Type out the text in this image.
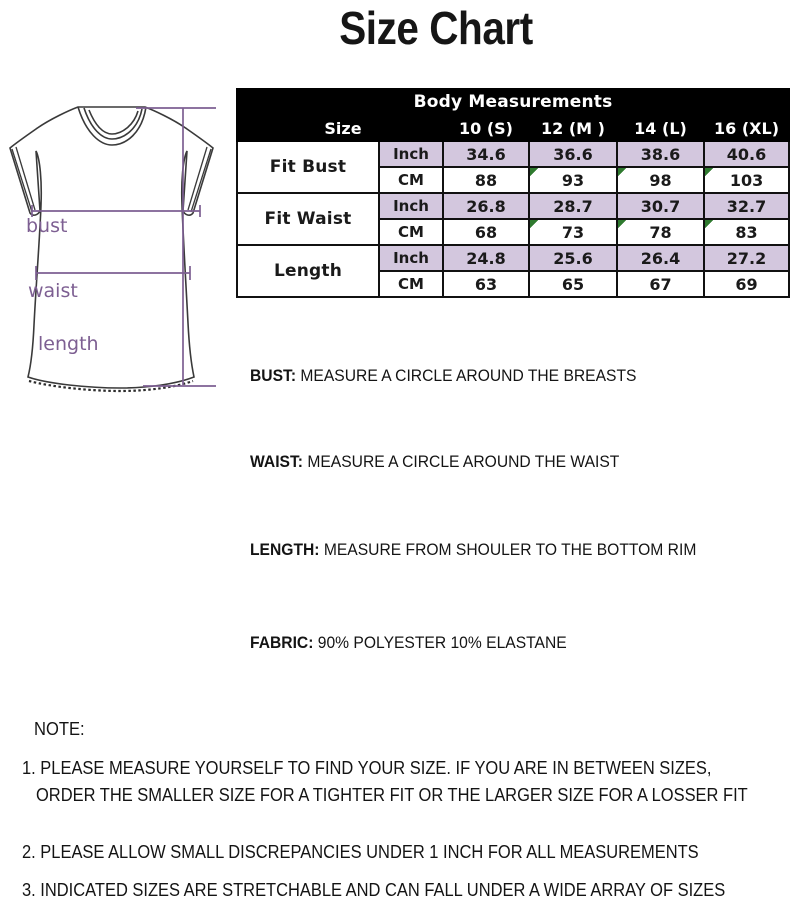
Size Chart
bust
waist
length
Body Measurements					
Size		10 (S)	12 (M )	14 (L)	16 (XL)
Fit Bust	Inch	34.6	36.6	38.6	40.6
	CM	88	93	98	103

Fit Waist	Inch	26.8	28.7	30.7	32.7
	CM	68	73	78	83

Length	Inch	24.8	25.6	26.4	27.2
	CM	63	65	67	69
BUST: MEASURE A CIRCLE AROUND THE BREASTS
WAIST: MEASURE A CIRCLE AROUND THE WAIST
LENGTH: MEASURE FROM SHOULER TO THE BOTTOM RIM
FABRIC: 90% POLYESTER 10% ELASTANE
NOTE:
1. PLEASE MEASURE YOURSELF TO FIND YOUR SIZE. IF YOU ARE IN BETWEEN SIZES,
ORDER THE SMALLER SIZE FOR A TIGHTER FIT OR THE LARGER SIZE FOR A LOSSER FIT
2. PLEASE ALLOW SMALL DISCREPANCIES UNDER 1 INCH FOR ALL MEASUREMENTS
3. INDICATED SIZES ARE STRETCHABLE AND CAN FALL UNDER A WIDE ARRAY OF SIZES
